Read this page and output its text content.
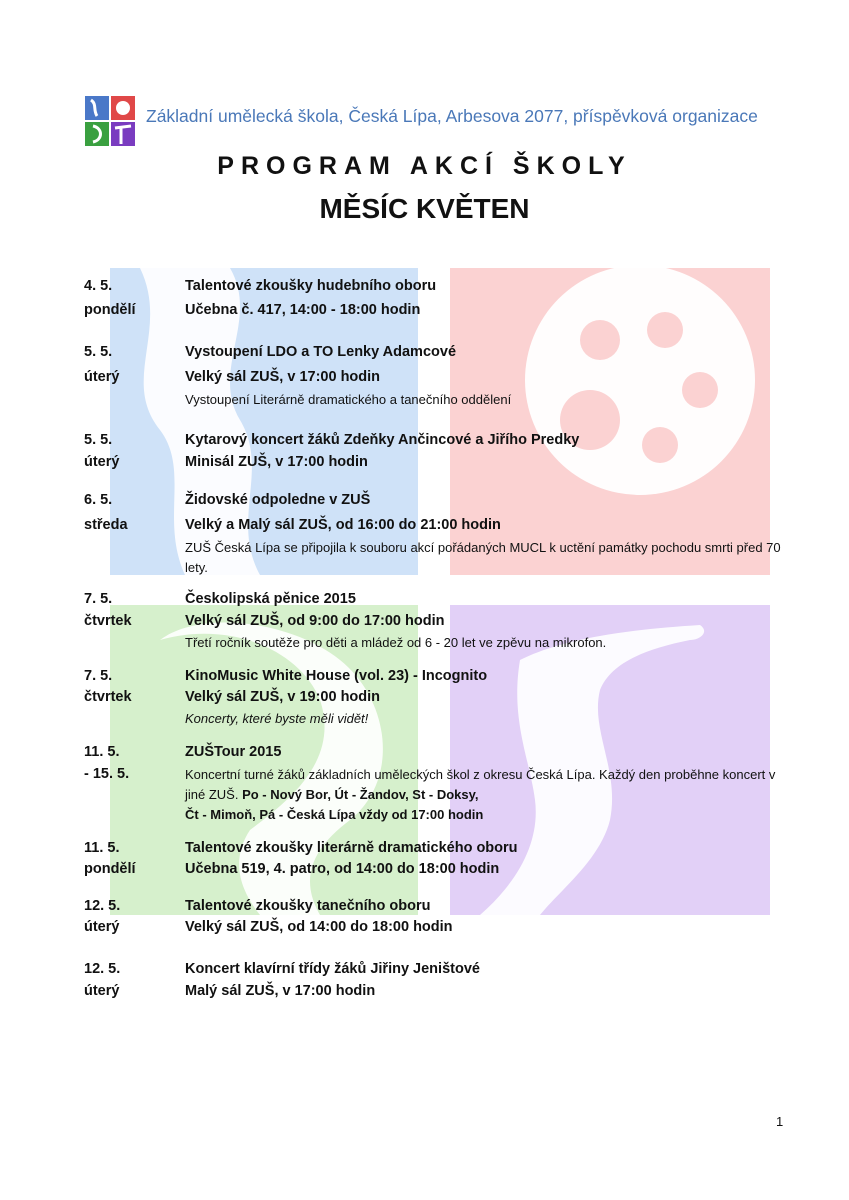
Základní umělecká škola, Česká Lípa, Arbesova 2077, příspěvková organizace
PROGRAM AKCÍ ŠKOLY
MĚSÍC KVĚTEN
4. 5.	Talentové zkoušky hudebního oboru
pondělí	Učebna č. 417, 14:00 - 18:00 hodin
5. 5.	Vystoupení LDO a TO Lenky Adamcové
úterý	Velký sál ZUŠ, v 17:00 hodin
Vystoupení Literárně dramatického a tanečního oddělení
5. 5.	Kytarový koncert žáků Zdeňky Ančincové a Jiřího Predky
úterý	Minisál ZUŠ, v 17:00 hodin
6. 5.	Židovské odpoledne v ZUŠ
středa	Velký a Malý sál ZUŠ, od 16:00 do 21:00 hodin
ZUŠ Česká Lípa se připojila k souboru akcí pořádaných MUCL k uctění památky pochodu smrti před 70 lety.
7. 5.	Českolipská pěnice 2015
čtvrtek	Velký sál ZUŠ, od 9:00 do 17:00 hodin
Třetí ročník soutěže pro děti a mládež od 6 - 20 let ve zpěvu na mikrofon.
7. 5.	KinoMusic White House (vol. 23) - Incognito
čtvrtek	Velký sál ZUŠ, v 19:00 hodin
Koncerty, které byste měli vidět!
11. 5.	ZUŠTour 2015
- 15. 5.	Koncertní turné žáků základních uměleckých škol z okresu Česká Lípa. Každý den proběhne koncert v jiné ZUŠ. Po - Nový Bor, Út - Žandov, St - Doksy,
Čt - Mimoň, Pá - Česká Lípa vždy od 17:00 hodin
11. 5.	Talentové zkoušky literárně dramatického oboru
pondělí	Učebna 519, 4. patro, od 14:00 do 18:00 hodin
12. 5.	Talentové zkoušky tanečního oboru
úterý	Velký sál ZUŠ, od 14:00 do 18:00 hodin
12. 5.	Koncert klavírní třídy žáků Jiřiny Jeništové
úterý	Malý sál ZUŠ, v 17:00 hodin
1
